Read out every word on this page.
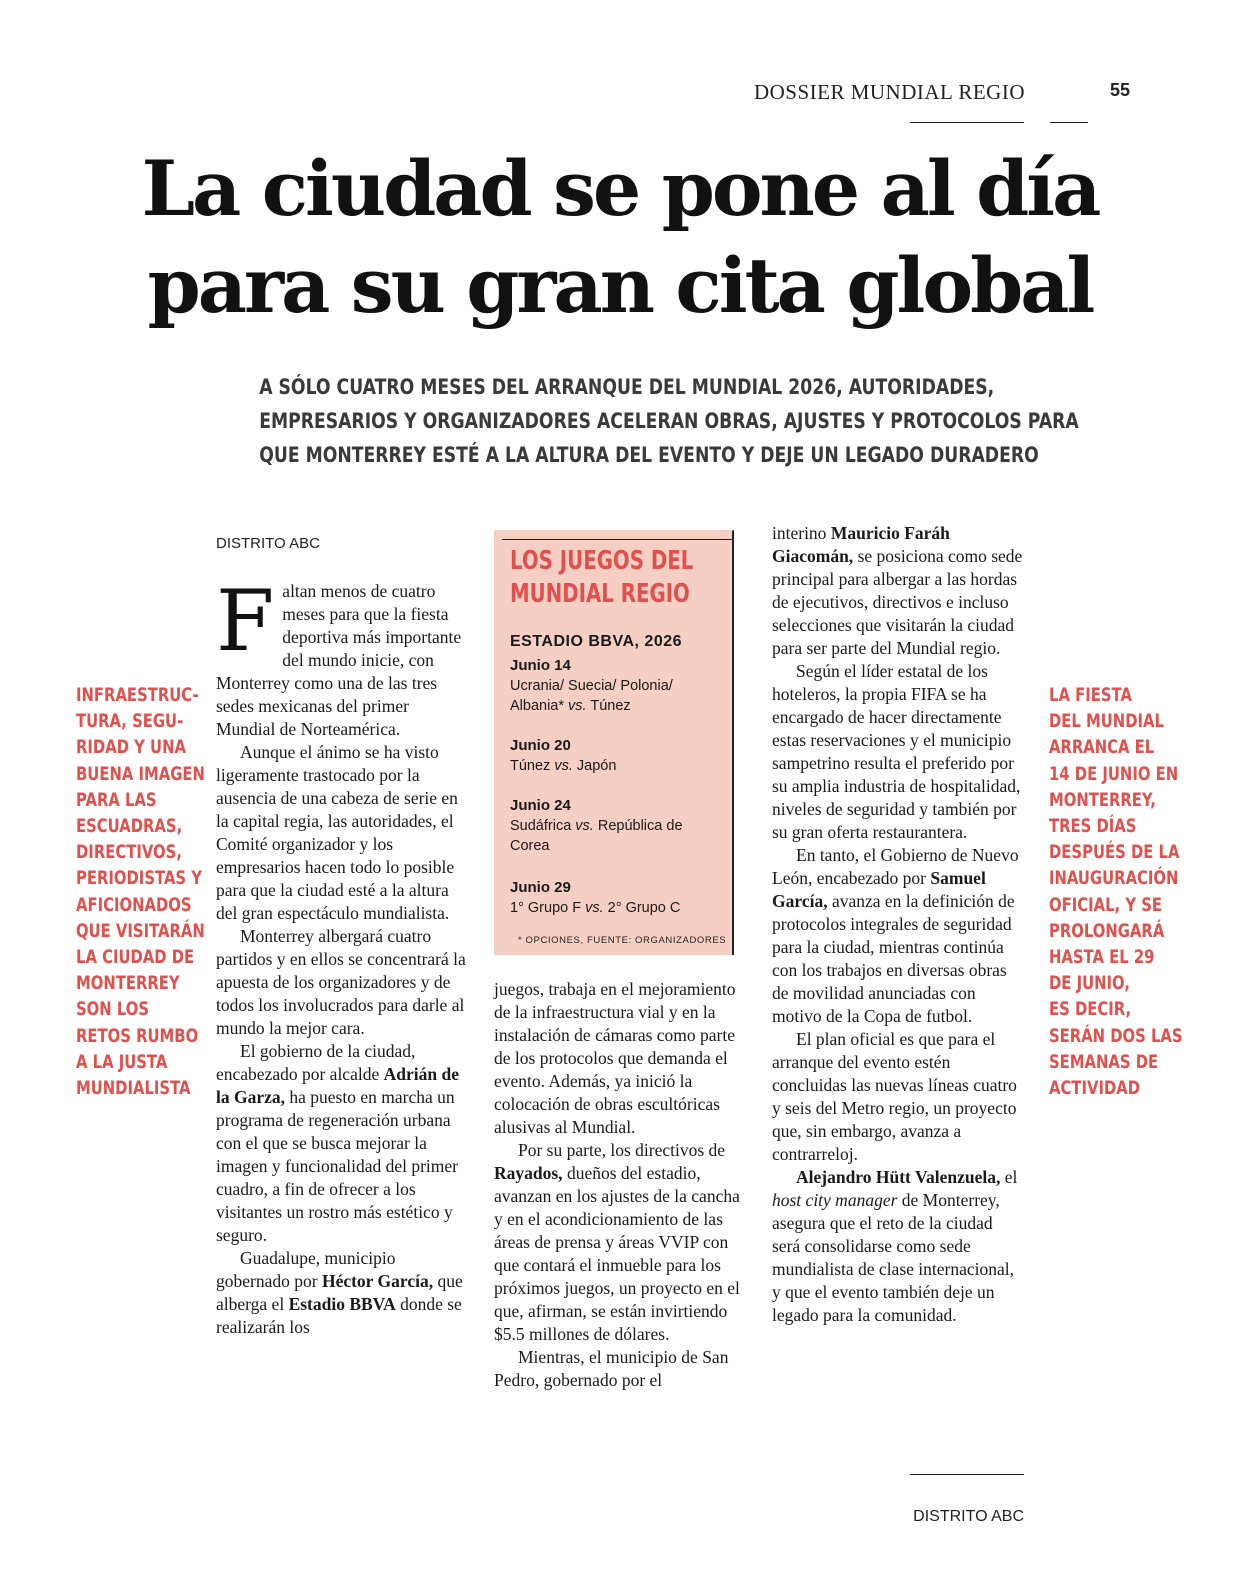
DOSSIER MUNDIAL REGIO	55
La ciudad se pone al día
para su gran cita global
A SÓLO CUATRO MESES DEL ARRANQUE DEL MUNDIAL 2026, AUTORIDADES,
EMPRESARIOS Y ORGANIZADORES ACELERAN OBRAS, AJUSTES Y PROTOCOLOS PARA
QUE MONTERREY ESTÉ A LA ALTURA DEL EVENTO Y DEJE UN LEGADO DURADERO
DISTRITO ABC
INFRAESTRUC-
TURA, SEGU-
RIDAD Y UNA
BUENA IMAGEN
PARA LAS
ESCUADRAS,
DIRECTIVOS,
PERIODISTAS Y
AFICIONADOS
QUE VISITARÁN
LA CIUDAD DE
MONTERREY
SON LOS
RETOS RUMBO
A LA JUSTA
MUNDIALISTA
LA FIESTA
DEL MUNDIAL
ARRANCA EL
14 DE JUNIO EN
MONTERREY,
TRES DÍAS
DESPUÉS DE LA
INAUGURACIÓN
OFICIAL, Y SE
PROLONGARÁ
HASTA EL 29
DE JUNIO,
ES DECIR,
SERÁN DOS LAS
SEMANAS DE
ACTIVIDAD

Faltan menos de cuatro meses para que la fiesta deportiva más importante del mundo inicie, con Monterrey como una de las tres sedes mexicanas del primer Mundial de Norteamérica.

Aunque el ánimo se ha visto ligeramente trastocado por la ausencia de una cabeza de serie en la capital regia, las autoridades, el Comité organizador y los empresarios hacen todo lo posible para que la ciudad esté a la altura del gran espectáculo mundialista.

Monterrey albergará cuatro partidos y en ellos se concentrará la apuesta de los organizadores y de todos los involucrados para darle al mundo la mejor cara.

El gobierno de la ciudad, encabezado por alcalde Adrián de la Garza, ha puesto en marcha un programa de regeneración urbana con el que se busca mejorar la imagen y funcionalidad del primer cuadro, a fin de ofrecer a los visitantes un rostro más estético y seguro.

Guadalupe, municipio gobernado por Héctor García, que alberga el Estadio BBVA donde se realizarán los

LOS JUEGOS DEL
MUNDIAL REGIO
ESTADIO BBVA, 2026
Junio 14
Ucrania/ Suecia/ Polonia/ Albania* vs. Túnez
Junio 20
Túnez vs. Japón
Junio 24
Sudáfrica vs. República de Corea
Junio 29
1° Grupo F vs. 2° Grupo C
* OPCIONES, FUENTE: ORGANIZADORES

juegos, trabaja en el mejoramiento de la infraestructura vial y en la instalación de cámaras como parte de los protocolos que demanda el evento. Además, ya inició la colocación de obras escultóricas alusivas al Mundial.

Por su parte, los directivos de Rayados, dueños del estadio, avanzan en los ajustes de la cancha y en el acondicionamiento de las áreas de prensa y áreas VVIP con que contará el inmueble para los próximos juegos, un proyecto en el que, afirman, se están invirtiendo $5.5 millones de dólares.

Mientras, el municipio de San Pedro, gobernado por el

interino Mauricio Faráh Giacomán, se posiciona como sede principal para albergar a las hordas de ejecutivos, directivos e incluso selecciones que visitarán la ciudad para ser parte del Mundial regio.

Según el líder estatal de los hoteleros, la propia FIFA se ha encargado de hacer directamente estas reservaciones y el municipio sampetrino resulta el preferido por su amplia industria de hospitalidad, niveles de seguridad y también por su gran oferta restaurantera.

En tanto, el Gobierno de Nuevo León, encabezado por Samuel García, avanza en la definición de protocolos integrales de seguridad para la ciudad, mientras continúa con los trabajos en diversas obras de movilidad anunciadas con motivo de la Copa de futbol.

El plan oficial es que para el arranque del evento estén concluidas las nuevas líneas cuatro y seis del Metro regio, un proyecto que, sin embargo, avanza a contrarreloj.

Alejandro Hütt Valenzuela, el host city manager de Monterrey, asegura que el reto de la ciudad será consolidarse como sede mundialista de clase internacional, y que el evento también deje un legado para la comunidad.

DISTRITO ABC
